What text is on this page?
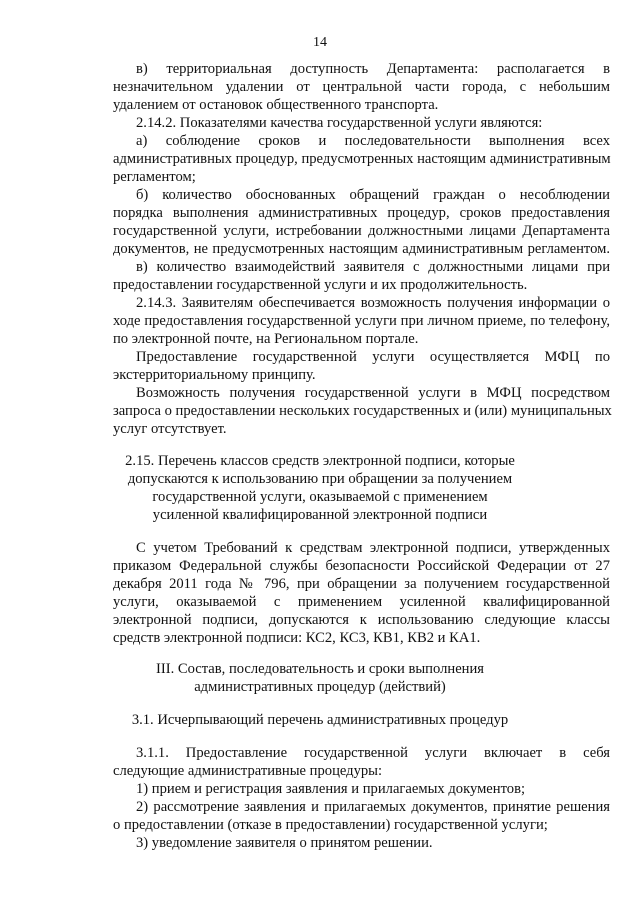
14
в) территориальная доступность Департамента: располагается в
незначительном удалении от центральной части города, с небольшим
удалением от остановок общественного транспорта.
2.14.2. Показателями качества государственной услуги являются:
а) соблюдение сроков и последовательности выполнения всех
административных процедур, предусмотренных настоящим административным
регламентом;
б) количество обоснованных обращений граждан о несоблюдении
порядка выполнения административных процедур, сроков предоставления
государственной услуги, истребовании должностными лицами Департамента
документов, не предусмотренных настоящим административным регламентом.
в) количество взаимодействий заявителя с должностными лицами при
предоставлении государственной услуги и их продолжительность.
2.14.3. Заявителям обеспечивается возможность получения информации о
ходе предоставления государственной услуги при личном приеме, по телефону,
по электронной почте, на Региональном портале.
Предоставление государственной услуги осуществляется МФЦ по
экстерриториальному принципу.
Возможность получения государственной услуги в МФЦ посредством
запроса о предоставлении нескольких государственных и (или) муниципальных
услуг отсутствует.
2.15. Перечень классов средств электронной подписи, которые
допускаются к использованию при обращении за получением
государственной услуги, оказываемой с применением
усиленной квалифицированной электронной подписи
С учетом Требований к средствам электронной подписи, утвержденных
приказом Федеральной службы безопасности Российской Федерации от 27
декабря 2011 года № 796, при обращении за получением государственной
услуги, оказываемой с применением усиленной квалифицированной
электронной подписи, допускаются к использованию следующие классы
средств электронной подписи: КС2, КС3, КВ1, КВ2 и КА1.
III. Состав, последовательность и сроки выполнения
административных процедур (действий)
3.1. Исчерпывающий перечень административных процедур
3.1.1. Предоставление государственной услуги включает в себя
следующие административные процедуры:
1) прием и регистрация заявления и прилагаемых документов;
2) рассмотрение заявления и прилагаемых документов, принятие решения
о предоставлении (отказе в предоставлении) государственной услуги;
3) уведомление заявителя о принятом решении.
